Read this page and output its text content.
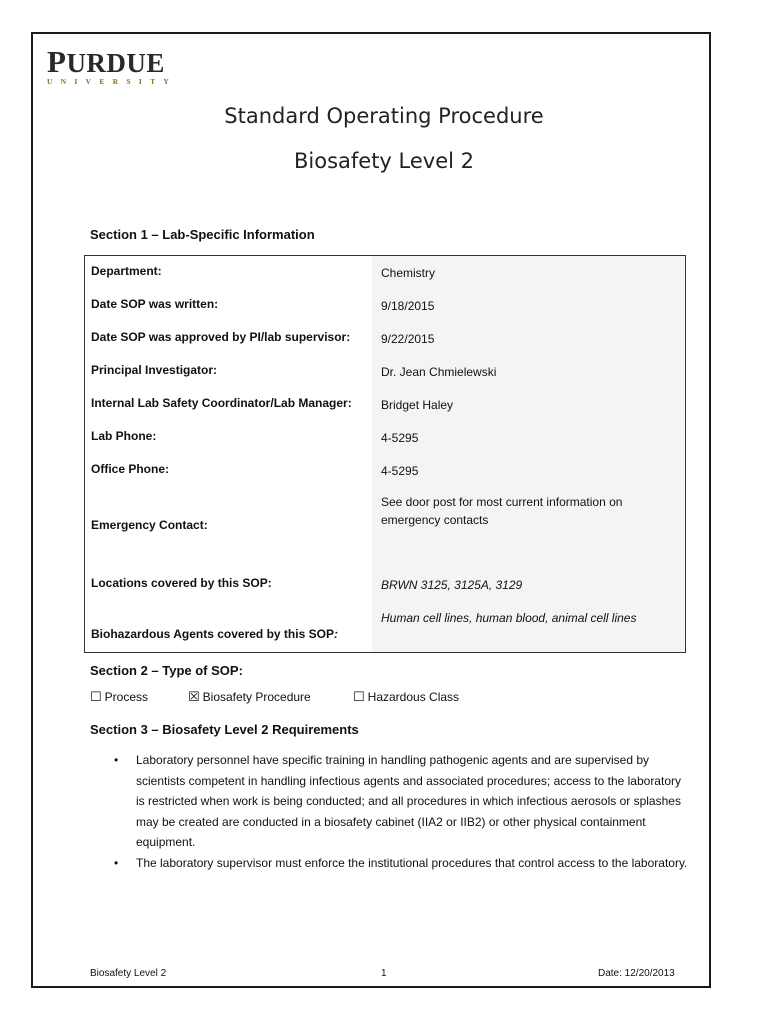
PURDUE
UNIVERSITY
Standard Operating Procedure
Biosafety Level 2
Section 1 – Lab-Specific Information
Department:	Chemistry
Date SOP was written:	9/18/2015
Date SOP was approved by PI/lab supervisor:	9/22/2015
Principal Investigator:	Dr. Jean Chmielewski
Internal Lab Safety Coordinator/Lab Manager: Bridget Haley
Lab Phone:	4-5295
Office Phone:	4-5295
Emergency Contact:
See door post for most current information on emergency contacts
Locations covered by this SOP:	BRWN 3125, 3125A, 3129
Biohazardous Agents covered by this SOP:
Human cell lines, human blood, animal cell lines
Section 2 – Type of SOP:
☐ Process	☒ Biosafety Procedure	☐ Hazardous Class
Section 3 – Biosafety Level 2 Requirements
• Laboratory personnel have specific training in handling pathogenic agents and are supervised by scientists competent in handling infectious agents and associated procedures; access to the laboratory is restricted when work is being conducted; and all procedures in which infectious aerosols or splashes may be created are conducted in a biosafety cabinet (IIA2 or IIB2) or other physical containment equipment.
• The laboratory supervisor must enforce the institutional procedures that control access to the laboratory.
Biosafety Level 2	1	Date: 12/20/2013
